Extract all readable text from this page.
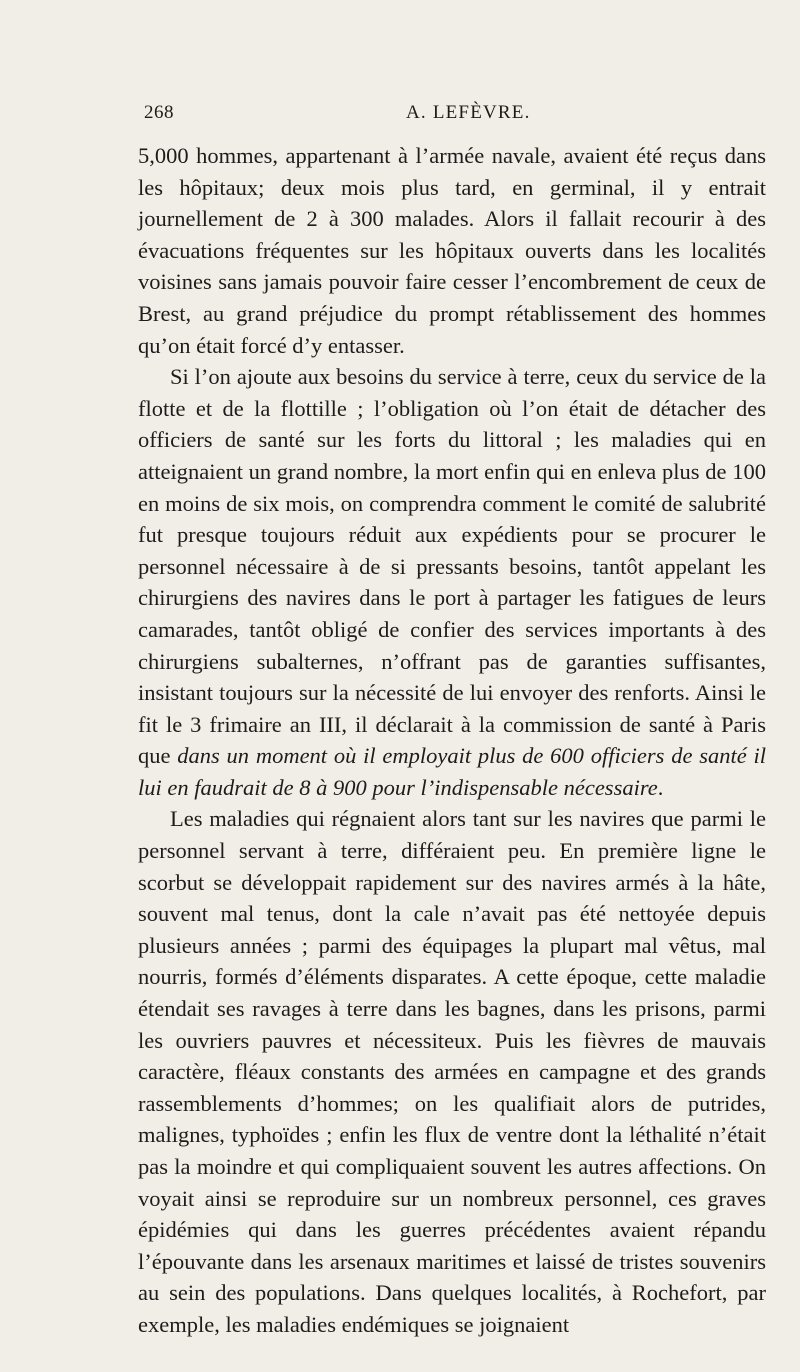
268	A. LEFÈVRE.

5,000 hommes, appartenant à l’armée navale, avaient été reçus dans les hôpitaux; deux mois plus tard, en germinal, il y entrait journellement de 2 à 300 malades. Alors il fallait recourir à des évacuations fréquentes sur les hôpitaux ouverts dans les localités voisines sans jamais pouvoir faire cesser l’encombrement de ceux de Brest, au grand préjudice du prompt rétablissement des hommes qu’on était forcé d’y entasser.

Si l’on ajoute aux besoins du service à terre, ceux du service de la flotte et de la flottille ; l’obligation où l’on était de détacher des officiers de santé sur les forts du littoral ; les maladies qui en atteignaient un grand nombre, la mort enfin qui en enleva plus de 100 en moins de six mois, on comprendra comment le comité de salubrité fut presque toujours réduit aux expédients pour se procurer le personnel nécessaire à de si pressants besoins, tantôt appelant les chirurgiens des navires dans le port à partager les fatigues de leurs camarades, tantôt obligé de confier des services importants à des chirurgiens subalternes, n’offrant pas de garanties suffisantes, insistant toujours sur la nécessité de lui envoyer des renforts. Ainsi le fit le 3 frimaire an III, il déclarait à la commission de santé à Paris que dans un moment où il employait plus de 600 officiers de santé il lui en faudrait de 8 à 900 pour l’indispensable nécessaire.

Les maladies qui régnaient alors tant sur les navires que parmi le personnel servant à terre, différaient peu. En première ligne le scorbut se développait rapidement sur des navires armés à la hâte, souvent mal tenus, dont la cale n’avait pas été nettoyée depuis plusieurs années ; parmi des équipages la plupart mal vêtus, mal nourris, formés d’éléments disparates. A cette époque, cette maladie étendait ses ravages à terre dans les bagnes, dans les prisons, parmi les ouvriers pauvres et nécessiteux. Puis les fièvres de mauvais caractère, fléaux constants des armées en campagne et des grands rassemblements d’hommes; on les qualifiait alors de putrides, malignes, typhoïdes ; enfin les flux de ventre dont la léthalité n’était pas la moindre et qui compliquaient souvent les autres affections. On voyait ainsi se reproduire sur un nombreux personnel, ces graves épidémies qui dans les guerres précédentes avaient répandu l’épouvante dans les arsenaux maritimes et laissé de tristes souvenirs au sein des populations. Dans quelques localités, à Rochefort, par exemple, les maladies endémiques se joignaient
